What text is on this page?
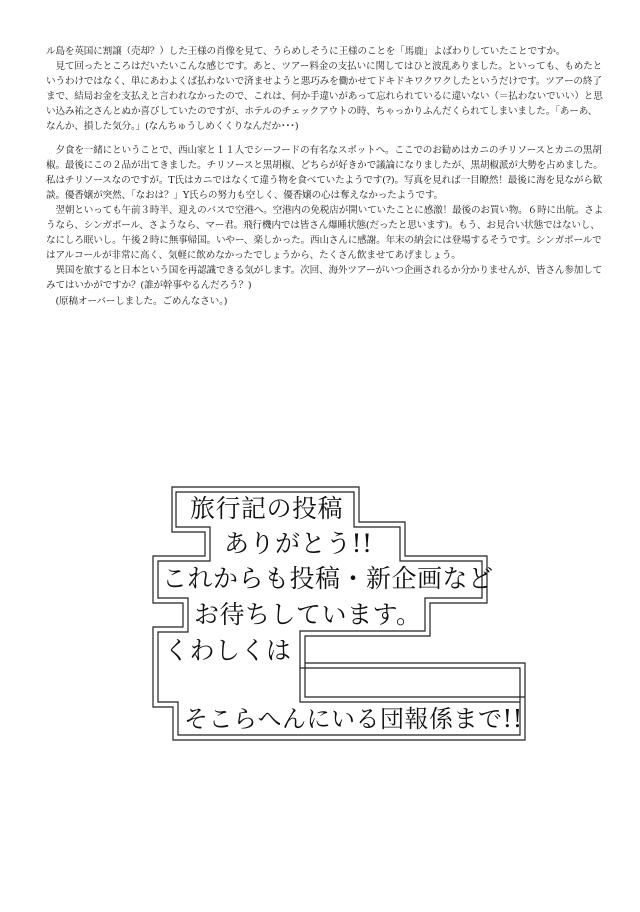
ル島を英国に割譲（売却？）した王様の肖像を見て、うらめしそうに王様のことを「馬鹿」よばわりしていたことですか。

　見て回ったところはだいたいこんな感じです。あと、ツアー料金の支払いに関してはひと波乱ありました。といっても、もめたというわけではなく、単にあわよくば払わないで済ませようと悪巧みを働かせてドキドキワクワクしたというだけです。ツアーの終了まで、結局お金を支払えと言われなかったので、これは、何か手違いがあって忘れられているに違いない（＝払わないでいい）と思い込み祐之さんとぬか喜びしていたのですが、ホテルのチェックアウトの時、ちゃっかりふんだくられてしまいました。「あーあ、なんか、損した気分。」(なんちゅうしめくくりなんだか･･･)

　夕食を一緒にということで、西山家と１１人でシーフードの有名なスポットへ。ここでのお勧めはカニのチリソースとカニの黒胡椒。最後にこの２品が出てきました。チリソースと黒胡椒、どちらが好きかで議論になりましたが、黒胡椒派が大勢を占めました。私はチリソースなのですが。T氏はカニではなくて違う物を食べていたようです(?)。写真を見れば一目瞭然！最後に海を見ながら歓談。優香嬢が突然、「なおは？」Y氏らの努力も空しく、優香嬢の心は奪えなかったようです。

　翌朝といっても午前３時半、迎えのバスで空港へ。空港内の免税店が開いていたことに感激！最後のお買い物。６時に出航。さようなら、シンガポール、さようなら、マー君。飛行機内では皆さん爆睡状態(だったと思います)。もう、お見合い状態ではないし、なにしろ眠いし。午後２時に無事帰国。いやー、楽しかった。西山さんに感謝。年末の納会には登場するそうです。シンガポールではアルコールが非常に高く、気軽に飲めなかったでしょうから、たくさん飲ませてあげましょう。

　異国を旅すると日本という国を再認識できる気がします。次回、海外ツアーがいつ企画されるか分かりませんが、皆さん参加してみてはいかがですか？(誰が幹事やるんだろう？)

　(原稿オーバーしました。ごめんなさい。)

旅行記の投稿
ありがとう!!
これからも投稿・新企画など
お待ちしています。
くわしくは
そこらへんにいる団報係まで!!
